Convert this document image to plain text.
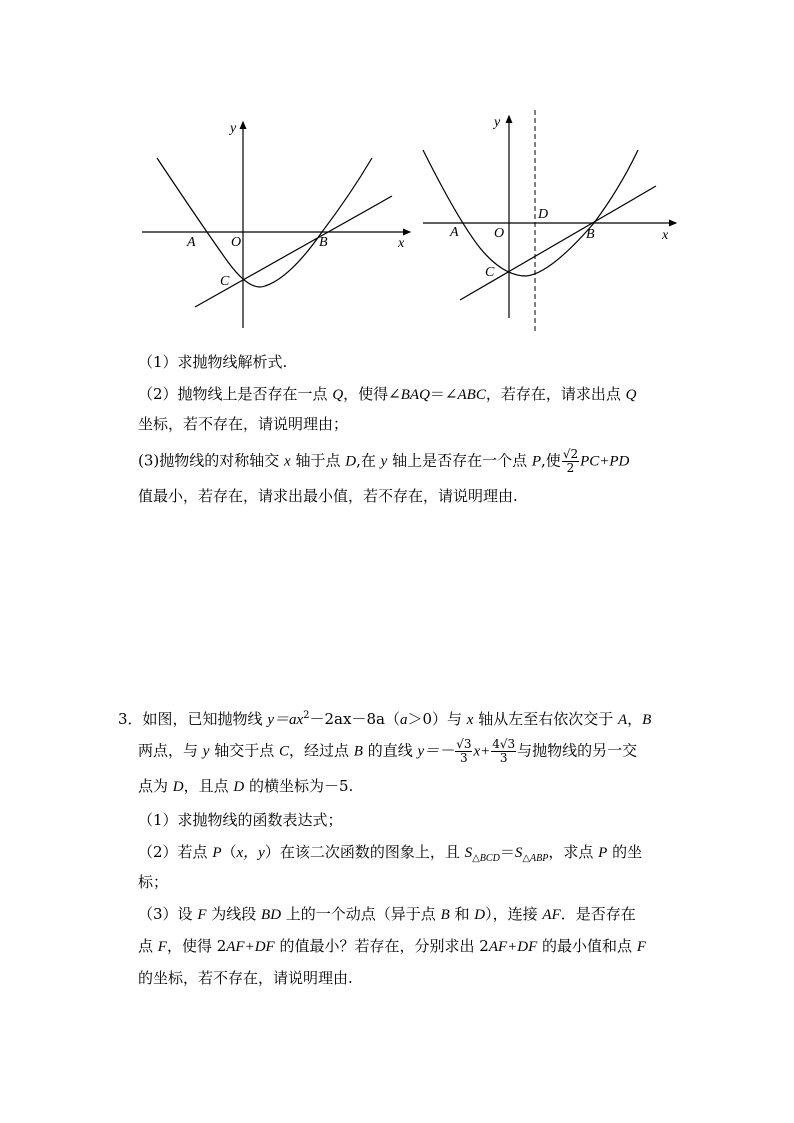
y
x
A	O	B
C
y
x
A	O	B
C
D
（1）求抛物线解析式.
（2）抛物线上是否存在一点 Q，使得∠BAQ＝∠ABC，若存在，请求出点 Q
坐标，若不存在，请说明理由；
(3)抛物线的对称轴交 x 轴于点 D,在 y 轴上是否存在一个点 P,使 $\frac{√2}{2} PC+PD$
值最小，若存在，请求出最小值，若不存在，请说明理由.
3．如图，已知抛物线 $y=ax^2-2ax-8a(a>0)$与 x 轴从左至右依次交于 A，B
两点，与 y 轴交于点 C，经过点 B 的直线 $y=- \frac{√3}{3} x+ \frac{4√3}{3}$ 与抛物线的另一交
点为 D，且点 D 的横坐标为－5.
（1）求抛物线的函数表达式；
（2）若点 P（x，y）在该二次函数的图象上，且 $S_{\triangle BCD}=S_{\triangle ABP}$，求点 P 的坐
标；
（3）设 F 为线段 BD 上的一个动点（异于点 B 和 D），连接 AF．是否存在
点 F，使得 2AF+DF 的值最小？若存在，分别求出 2AF+DF 的最小值和点 F
的坐标，若不存在，请说明理由.
